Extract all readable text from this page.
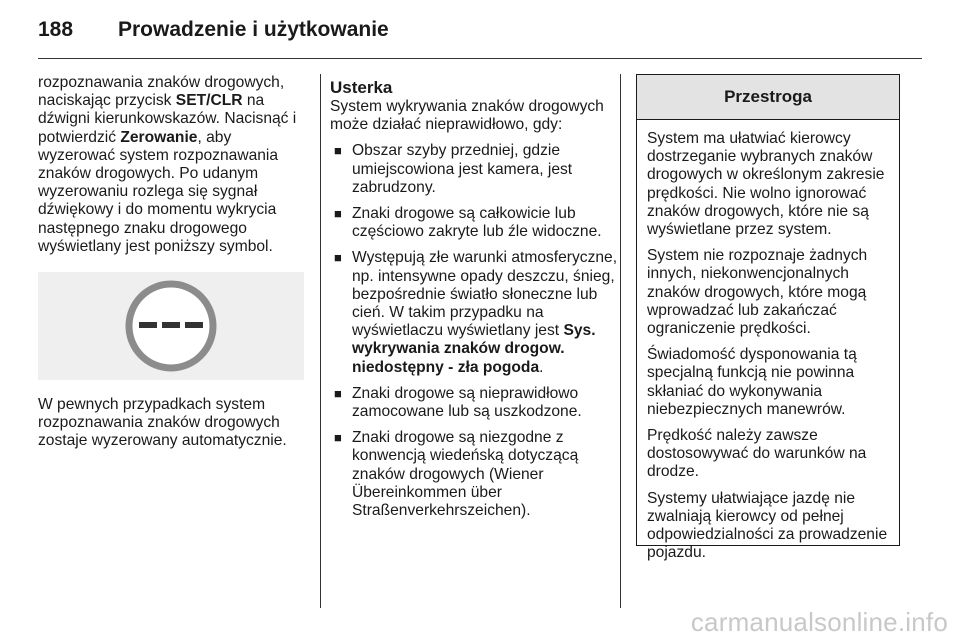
188 Prowadzenie i użytkowanie

rozpoznawania znaków drogowych, naciskając przycisk SET/CLR na dźwigni kierunkowskazów. Nacisnąć i potwierdzić Zerowanie, aby wyzerować system rozpoznawania znaków drogowych. Po udanym wyzerowaniu rozlega się sygnał dźwiękowy i do momentu wykrycia następnego znaku drogowego wyświetlany jest poniższy symbol.

W pewnych przypadkach system rozpoznawania znaków drogowych zostaje wyzerowany automatycznie.

Usterka

System wykrywania znaków drogowych może działać nieprawidłowo, gdy:

■ Obszar szyby przedniej, gdzie umiejscowiona jest kamera, jest zabrudzony.
■ Znaki drogowe są całkowicie lub częściowo zakryte lub źle widoczne.
■ Występują złe warunki atmosferyczne, np. intensywne opady deszczu, śnieg, bezpośrednie światło słoneczne lub cień. W takim przypadku na wyświetlaczu wyświetlany jest Sys. wykrywania znaków drogow. niedostępny - zła pogoda.
■ Znaki drogowe są nieprawidłowo zamocowane lub są uszkodzone.
■ Znaki drogowe są niezgodne z konwencją wiedeńską dotyczącą znaków drogowych (Wiener Übereinkommen über Straßenverkehrszeichen).
Przestroga

System ma ułatwiać kierowcy dostrzeganie wybranych znaków drogowych w określonym zakresie prędkości. Nie wolno ignorować znaków drogowych, które nie są wyświetlane przez system.

System nie rozpoznaje żadnych innych, niekonwencjonalnych znaków drogowych, które mogą wprowadzać lub zakańczać ograniczenie prędkości.

Świadomość dysponowania tą specjalną funkcją nie powinna skłaniać do wykonywania niebezpiecznych manewrów.

Prędkość należy zawsze dostosowywać do warunków na drodze.

Systemy ułatwiające jazdę nie zwalniają kierowcy od pełnej odpowiedzialności za prowadzenie pojazdu.

carmanualsonline.info
